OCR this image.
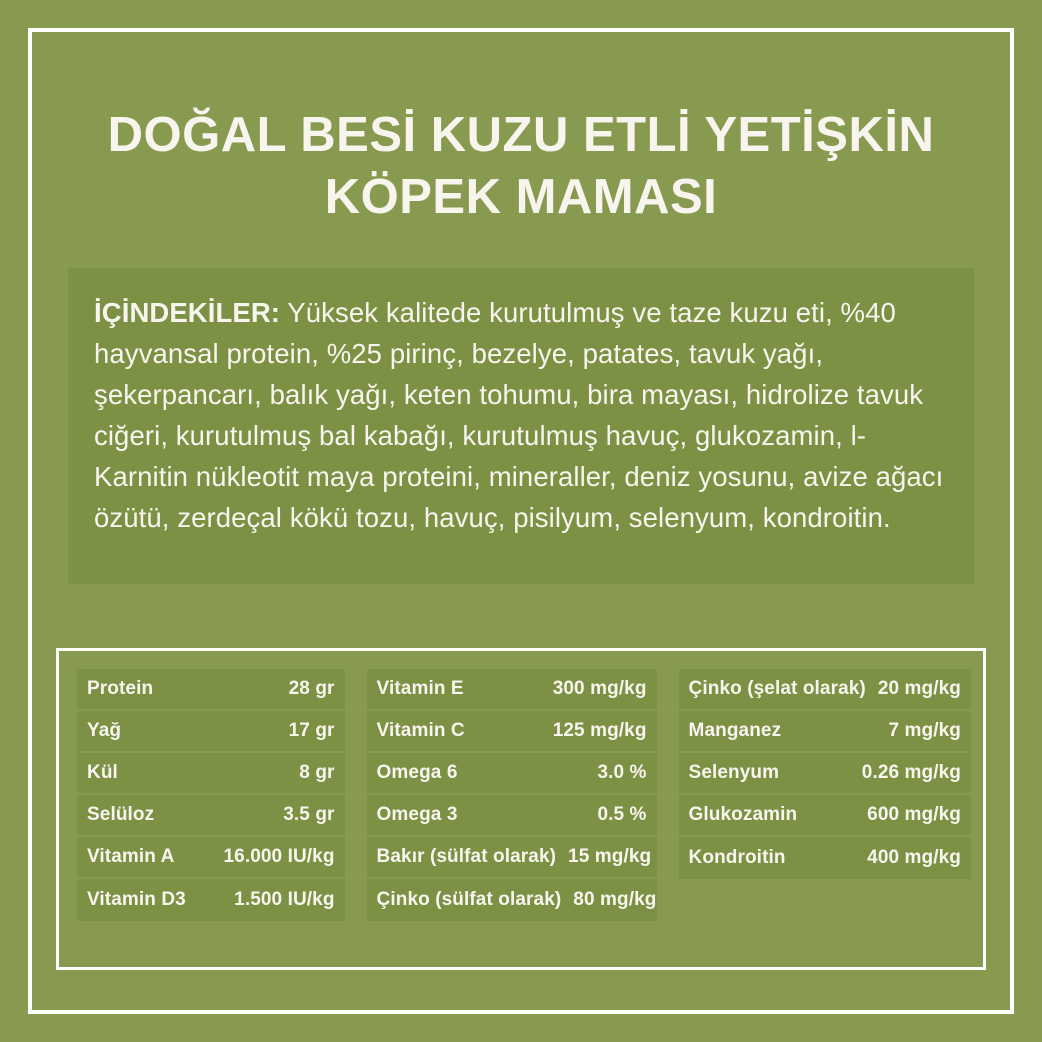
DOĞAL BESİ KUZU ETLİ YETİŞKİN
KÖPEK MAMASI
İÇİNDEKİLER: Yüksek kalitede kurutulmuş ve taze kuzu eti, %40 hayvansal protein, %25 pirinç, bezelye, patates, tavuk yağı, şekerpancarı, balık yağı, keten tohumu, bira mayası, hidrolize tavuk ciğeri, kurutulmuş bal kabağı, kurutulmuş havuç, glukozamin, l-Karnitin nükleotit maya proteini, mineraller, deniz yosunu, avize ağacı özütü, zerdeçal kökü tozu, havuç, pisilyum, selenyum, kondroitin.
Protein	28 gr
Yağ	17 gr
Kül	8 gr
Selüloz	3.5 gr
Vitamin A	16.000 IU/kg
Vitamin D3	1.500 IU/kg
Vitamin E	300 mg/kg
Vitamin C	125 mg/kg
Omega 6	3.0 %
Omega 3	0.5 %
Bakır (sülfat olarak) 15 mg/kg
Çinko (sülfat olarak) 80 mg/kg
Çinko (şelat olarak) 20 mg/kg
Manganez	7 mg/kg
Selenyum	0.26 mg/kg
Glukozamin	600 mg/kg
Kondroitin	400 mg/kg
